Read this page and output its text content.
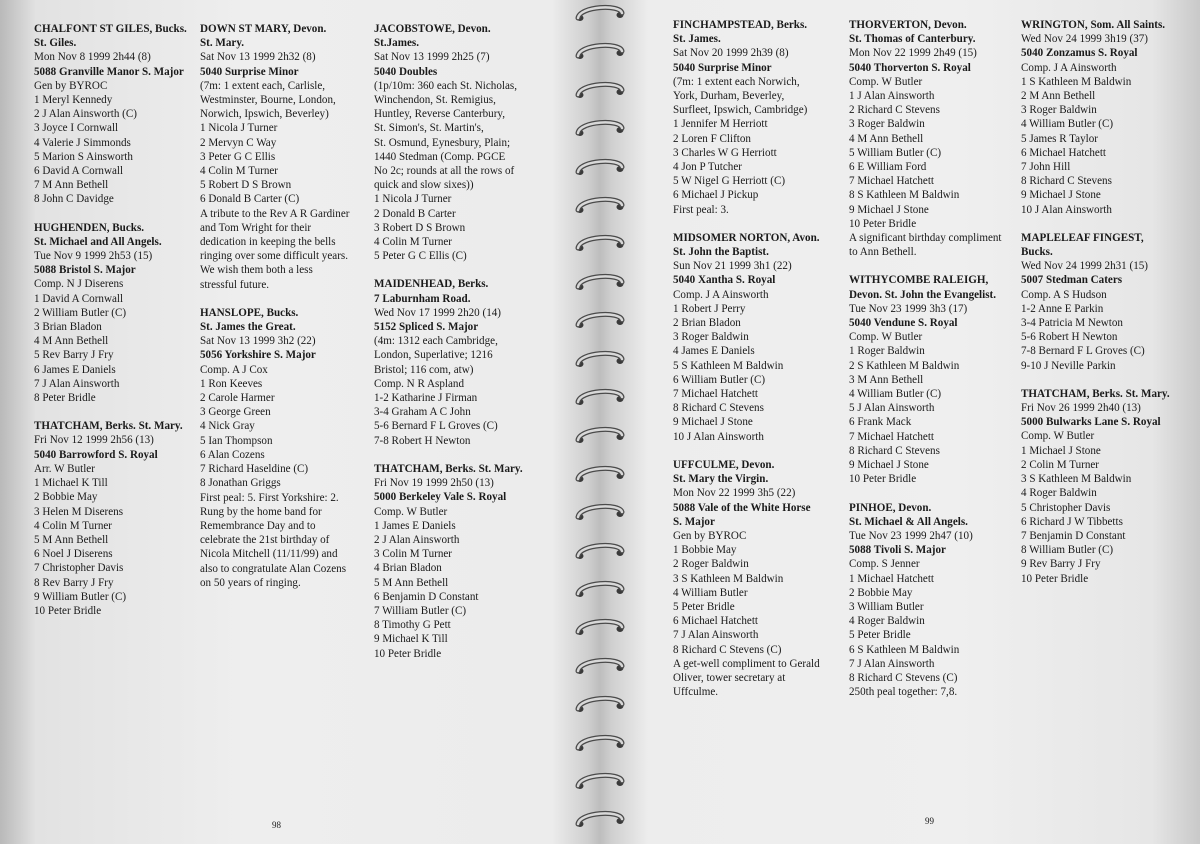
CHALFONT ST GILES, Bucks.
St. Giles.
Mon Nov 8 1999 2h44 (8)
5088 Granville Manor S. Major
Gen by BYROC
1 Meryl Kennedy
2 J Alan Ainsworth (C)
3 Joyce I Cornwall
4 Valerie J Simmonds
5 Marion S Ainsworth
6 David A Cornwall
7 M Ann Bethell
8 John C Davidge
HUGHENDEN, Bucks.
St. Michael and All Angels.
Tue Nov 9 1999 2h53 (15)
5088 Bristol S. Major
Comp. N J Diserens
1 David A Cornwall
2 William Butler (C)
3 Brian Bladon
4 M Ann Bethell
5 Rev Barry J Fry
6 James E Daniels
7 J Alan Ainsworth
8 Peter Bridle
THATCHAM, Berks. St. Mary.
Fri Nov 12 1999 2h56 (13)
5040 Barrowford S. Royal
Arr. W Butler
1 Michael K Till
2 Bobbie May
3 Helen M Diserens
4 Colin M Turner
5 M Ann Bethell
6 Noel J Diserens
7 Christopher Davis
8 Rev Barry J Fry
9 William Butler (C)
10 Peter Bridle
DOWN ST MARY, Devon.
St. Mary.
Sat Nov 13 1999 2h32 (8)
5040 Surprise Minor
(7m: 1 extent each, Carlisle,
Westminster, Bourne, London,
Norwich, Ipswich, Beverley)
1 Nicola J Turner
2 Mervyn C Way
3 Peter G C Ellis
4 Colin M Turner
5 Robert D S Brown
6 Donald B Carter (C)
A tribute to the Rev A R Gardiner
and Tom Wright for their
dedication in keeping the bells
ringing over some difficult years.
We wish them both a less
stressful future.
HANSLOPE, Bucks.
St. James the Great.
Sat Nov 13 1999 3h2 (22)
5056 Yorkshire S. Major
Comp. A J Cox
1 Ron Keeves
2 Carole Harmer
3 George Green
4 Nick Gray
5 Ian Thompson
6 Alan Cozens
7 Richard Haseldine (C)
8 Jonathan Griggs
First peal: 5. First Yorkshire: 2.
Rung by the home band for
Remembrance Day and to
celebrate the 21st birthday of
Nicola Mitchell (11/11/99) and
also to congratulate Alan Cozens
on 50 years of ringing.
JACOBSTOWE, Devon.
St.James.
Sat Nov 13 1999 2h25 (7)
5040 Doubles
(1p/10m: 360 each St. Nicholas,
Winchendon, St. Remigius,
Huntley, Reverse Canterbury,
St. Simon's, St. Martin's,
St. Osmund, Eynesbury, Plain;
1440 Stedman (Comp. PGCE
No 2c; rounds at all the rows of
quick and slow sixes))
1 Nicola J Turner
2 Donald B Carter
3 Robert D S Brown
4 Colin M Turner
5 Peter G C Ellis (C)
MAIDENHEAD, Berks.
7 Laburnham Road.
Wed Nov 17 1999 2h20 (14)
5152 Spliced S. Major
(4m: 1312 each Cambridge,
London, Superlative; 1216
Bristol; 116 com, atw)
Comp. N R Aspland
1-2 Katharine J Firman
3-4 Graham A C John
5-6 Bernard F L Groves (C)
7-8 Robert H Newton
THATCHAM, Berks. St. Mary.
Fri Nov 19 1999 2h50 (13)
5000 Berkeley Vale S. Royal
Comp. W Butler
1 James E Daniels
2 J Alan Ainsworth
3 Colin M Turner
4 Brian Bladon
5 M Ann Bethell
6 Benjamin D Constant
7 William Butler (C)
8 Timothy G Pett
9 Michael K Till
10 Peter Bridle
98
FINCHAMPSTEAD, Berks.
St. James.
Sat Nov 20 1999 2h39 (8)
5040 Surprise Minor
(7m: 1 extent each Norwich,
York, Durham, Beverley,
Surfleet, Ipswich, Cambridge)
1 Jennifer M Herriott
2 Loren F Clifton
3 Charles W G Herriott
4 Jon P Tutcher
5 W Nigel G Herriott (C)
6 Michael J Pickup
First peal: 3.
MIDSOMER NORTON, Avon.
St. John the Baptist.
Sun Nov 21 1999 3h1 (22)
5040 Xantha S. Royal
Comp. J A Ainsworth
1 Robert J Perry
2 Brian Bladon
3 Roger Baldwin
4 James E Daniels
5 S Kathleen M Baldwin
6 William Butler (C)
7 Michael Hatchett
8 Richard C Stevens
9 Michael J Stone
10 J Alan Ainsworth
UFFCULME, Devon.
St. Mary the Virgin.
Mon Nov 22 1999 3h5 (22)
5088 Vale of the White Horse
S. Major
Gen by BYROC
1 Bobbie May
2 Roger Baldwin
3 S Kathleen M Baldwin
4 William Butler
5 Peter Bridle
6 Michael Hatchett
7 J Alan Ainsworth
8 Richard C Stevens (C)
A get-well compliment to Gerald
Oliver, tower secretary at
Uffculme.
THORVERTON, Devon.
St. Thomas of Canterbury.
Mon Nov 22 1999 2h49 (15)
5040 Thorverton S. Royal
Comp. W Butler
1 J Alan Ainsworth
2 Richard C Stevens
3 Roger Baldwin
4 M Ann Bethell
5 William Butler (C)
6 E William Ford
7 Michael Hatchett
8 S Kathleen M Baldwin
9 Michael J Stone
10 Peter Bridle
A significant birthday compliment
to Ann Bethell.
WITHYCOMBE RALEIGH,
Devon. St. John the Evangelist.
Tue Nov 23 1999 3h3 (17)
5040 Vendune S. Royal
Comp. W Butler
1 Roger Baldwin
2 S Kathleen M Baldwin
3 M Ann Bethell
4 William Butler (C)
5 J Alan Ainsworth
6 Frank Mack
7 Michael Hatchett
8 Richard C Stevens
9 Michael J Stone
10 Peter Bridle
PINHOE, Devon.
St. Michael & All Angels.
Tue Nov 23 1999 2h47 (10)
5088 Tivoli S. Major
Comp. S Jenner
1 Michael Hatchett
2 Bobbie May
3 William Butler
4 Roger Baldwin
5 Peter Bridle
6 S Kathleen M Baldwin
7 J Alan Ainsworth
8 Richard C Stevens (C)
250th peal together: 7,8.
WRINGTON, Som. All Saints.
Wed Nov 24 1999 3h19 (37)
5040 Zonzamus S. Royal
Comp. J A Ainsworth
1 S Kathleen M Baldwin
2 M Ann Bethell
3 Roger Baldwin
4 William Butler (C)
5 James R Taylor
6 Michael Hatchett
7 John Hill
8 Richard C Stevens
9 Michael J Stone
10 J Alan Ainsworth
MAPLELEAF FINGEST,
Bucks.
Wed Nov 24 1999 2h31 (15)
5007 Stedman Caters
Comp. A S Hudson
1-2 Anne E Parkin
3-4 Patricia M Newton
5-6 Robert H Newton
7-8 Bernard F L Groves (C)
9-10 J Neville Parkin
THATCHAM, Berks. St. Mary.
Fri Nov 26 1999 2h40 (13)
5000 Bulwarks Lane S. Royal
Comp. W Butler
1 Michael J Stone
2 Colin M Turner
3 S Kathleen M Baldwin
4 Roger Baldwin
5 Christopher Davis
6 Richard J W Tibbetts
7 Benjamin D Constant
8 William Butler (C)
9 Rev Barry J Fry
10 Peter Bridle
99
